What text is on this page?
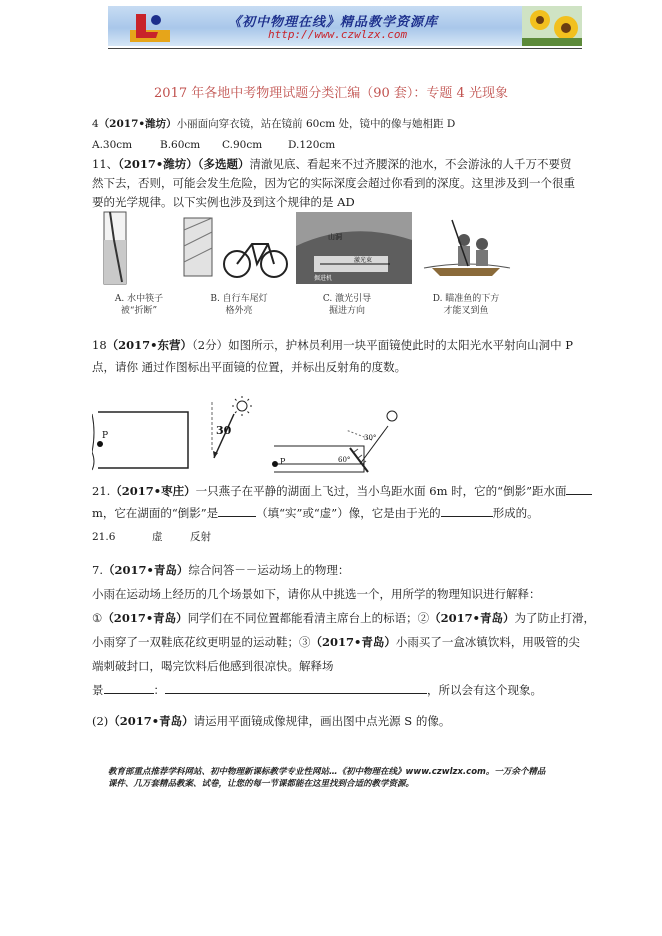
《初中物理在线》精品教学资源库
http://www.czwlzx.com
2017 年各地中考物理试题分类汇编（90 套）：专题 4 光现象
4（2017•潍坊）小丽面向穿衣镜，站在镜前 60cm 处，镜中的像与她相距 D
A.30cm	B.60cm C.90cm D.120cm
11、（2017•潍坊）（多选题）清澈见底、看起来不过齐腰深的池水，不会游泳的人千万不要贸
然下去，否则，可能会发生危险，因为它的实际深度会超过你看到的深度。这里涉及到一个很重
要的光学规律。以下实例也涉及到这个规律的是 AD
山洞
激光束
掘进机
A. 水中筷子
被“折断”
B. 自行车尾灯
格外亮
C. 激光引导
掘进方向
D. 瞄准鱼的下方
才能叉到鱼
18（2017•东营）（2分）如图所示，护林员利用一块平面镜使此时的太阳光水平射向山洞中 P
点，请你 通过作图标出平面镜的位置，并标出反射角的度数。
P	30
P
30°
60°
21.（2017•枣庄）一只燕子在平静的湖面上飞过，当小鸟距水面 6m 时，它的“倒影”距水面
m，它在湖面的“倒影”是	（填“实”或“虚”）像，它是由于光的	形成的。
21.6	虚	反射
7.（2017•青岛）综合问答－－运动场上的物理：
小雨在运动场上经历的几个场景如下，请你从中挑选一个，用所学的物理知识进行解释：
①（2017•青岛）同学们在不同位置都能看清主席台上的标语；②（2017•青岛）为了防止打滑，
小雨穿了一双鞋底花纹更明显的运动鞋；③（2017•青岛）小雨买了一盒冰镇饮料，用吸管的尖
端刺破封口，喝完饮料后他感到很凉快。解释场
景	：	，所以会有这个现象。
(2)（2017•青岛）请运用平面镜成像规律，画出图中点光源 S 的像。
教育部重点推荐学科网站、初中物理新课标教学专业性网站…《初中物理在线》www.czwlzx.com。一万余个精品
课件、几万套精品教案、试卷，让您的每一节课都能在这里找到合适的教学资源。
